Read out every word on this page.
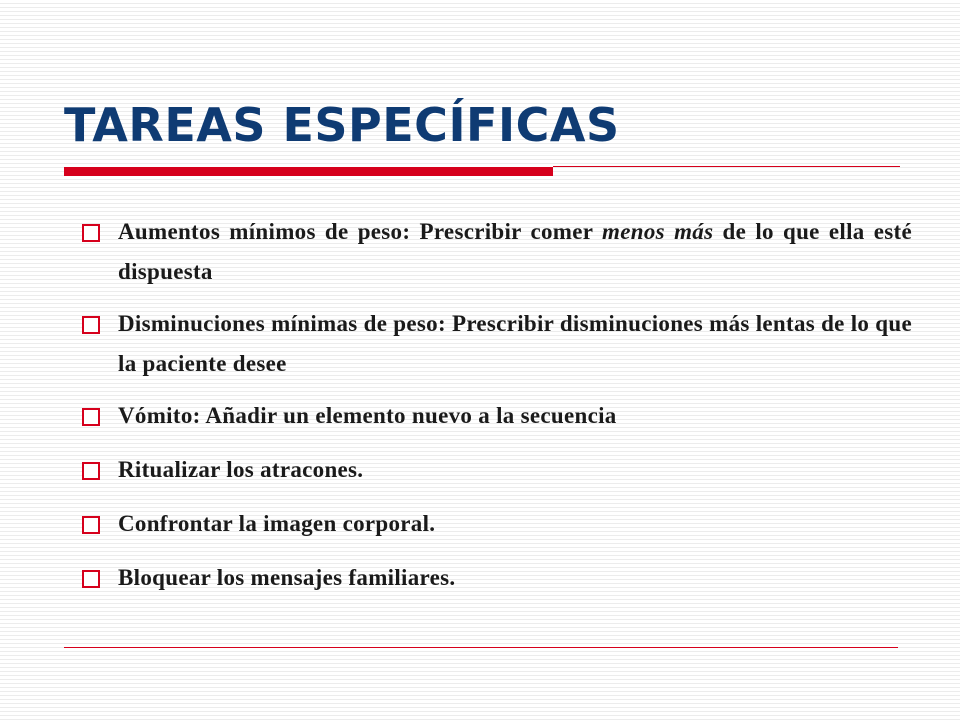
TAREAS ESPECÍFICAS
Aumentos mínimos de peso: Prescribir comer menos más de lo que ella esté dispuesta
Disminuciones mínimas de peso: Prescribir disminuciones más lentas de lo que la paciente desee
Vómito: Añadir un elemento nuevo a la secuencia
Ritualizar los atracones.
Confrontar la imagen corporal.
Bloquear los mensajes familiares.
